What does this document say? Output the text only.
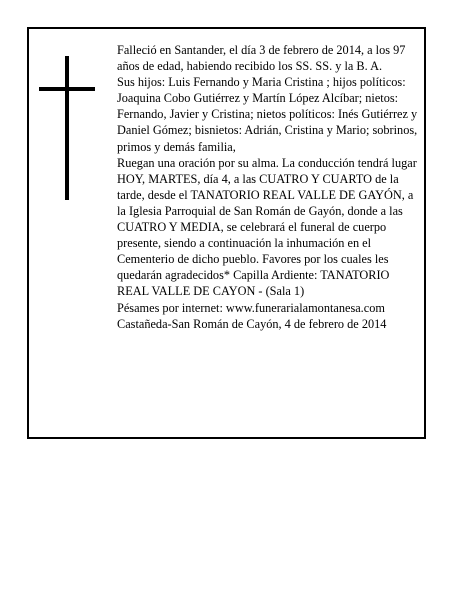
Falleció en Santander, el día 3 de febrero de 2014, a los 97 años de edad, habiendo recibido los SS. SS. y la B. A.

Sus hijos: Luis Fernando y Maria Cristina ; hijos políticos: Joaquina Cobo Gutiérrez y Martín López Alcíbar; nietos: Fernando, Javier y Cristina; nietos políticos: Inés Gutiérrez y Daniel Gómez; bisnietos: Adrián, Cristina y Mario; sobrinos, primos y demás familia,

Ruegan una oración por su alma. La conducción tendrá lugar HOY, MARTES, día 4, a las CUATRO Y CUARTO de la tarde, desde el TANATORIO REAL VALLE DE GAYÓN, a la Iglesia Parroquial de San Román de Gayón, donde a las CUATRO Y MEDIA, se celebrará el funeral de cuerpo presente, siendo a continuación la inhumación en el Cementerio de dicho pueblo. Favores por los cuales les quedarán agradecidos* Capilla Ardiente: TANATORIO REAL VALLE DE CAYON - (Sala 1)

Pésames por internet: www.funerarialamontanesa.com

Castañeda-San Román de Cayón, 4 de febrero de 2014
